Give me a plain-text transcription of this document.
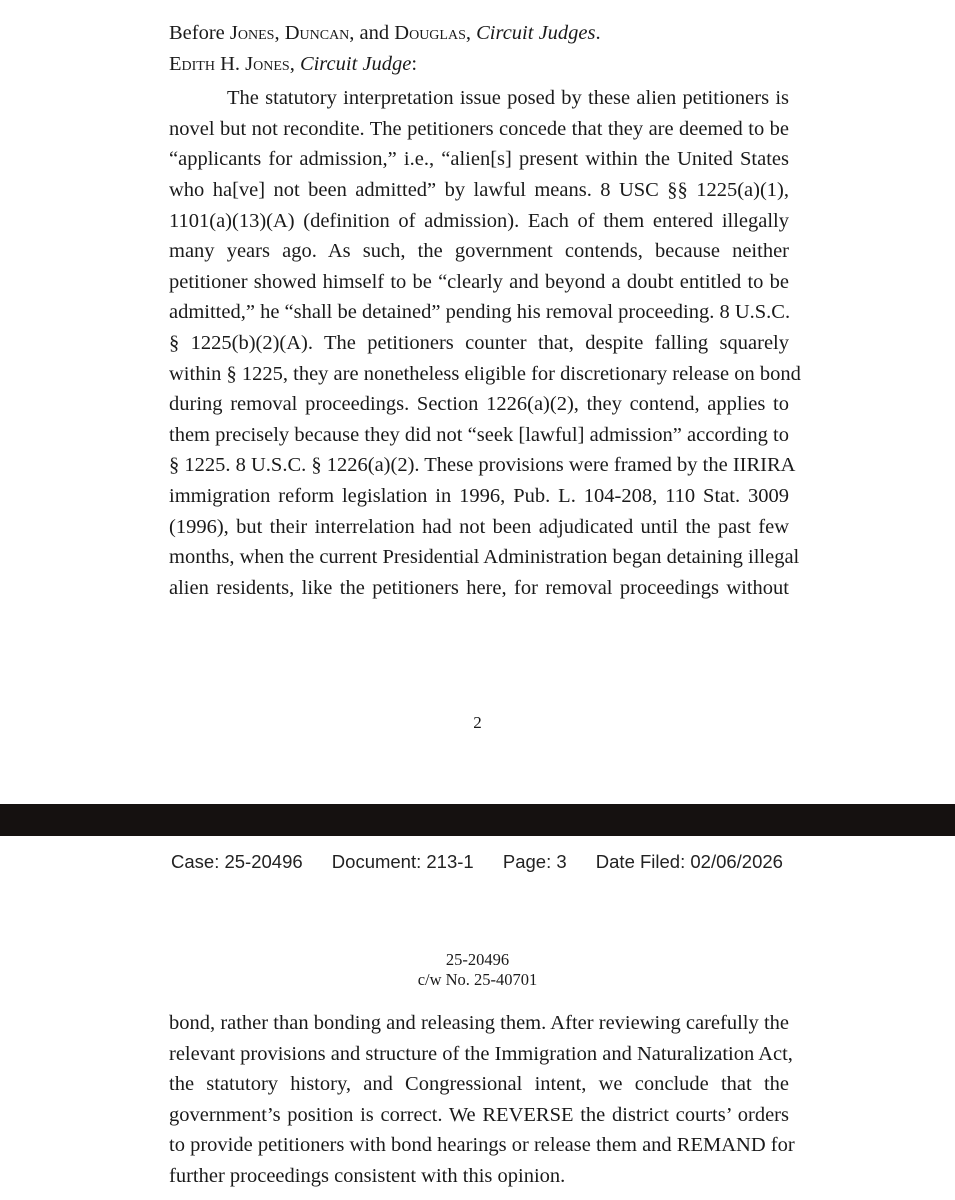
Before Jones, Duncan, and Douglas, Circuit Judges.
Edith H. Jones, Circuit Judge:
The statutory interpretation issue posed by these alien petitioners is
novel but not recondite. The petitioners concede that they are deemed to be
“applicants for admission,” i.e., “alien[s] present within the United States
who ha[ve] not been admitted” by lawful means. 8 USC §§ 1225(a)(1),
1101(a)(13)(A) (definition of admission). Each of them entered illegally
many years ago. As such, the government contends, because neither
petitioner showed himself to be “clearly and beyond a doubt entitled to be
admitted,” he “shall be detained” pending his removal proceeding. 8 U.S.C.
§ 1225(b)(2)(A). The petitioners counter that, despite falling squarely
within § 1225, they are nonetheless eligible for discretionary release on bond
during removal proceedings. Section 1226(a)(2), they contend, applies to
them precisely because they did not “seek [lawful] admission” according to
§ 1225. 8 U.S.C. § 1226(a)(2). These provisions were framed by the IIRIRA
immigration reform legislation in 1996, Pub. L. 104-208, 110 Stat. 3009
(1996), but their interrelation had not been adjudicated until the past few
months, when the current Presidential Administration began detaining illegal
alien residents, like the petitioners here, for removal proceedings without
2
Case: 25-20496 Document: 213-1 Page: 3 Date Filed: 02/06/2026
25-20496
c/w No. 25-40701
bond, rather than bonding and releasing them. After reviewing carefully the
relevant provisions and structure of the Immigration and Naturalization Act,
the statutory history, and Congressional intent, we conclude that the
government’s position is correct. We REVERSE the district courts’ orders
to provide petitioners with bond hearings or release them and REMAND for
further proceedings consistent with this opinion.
